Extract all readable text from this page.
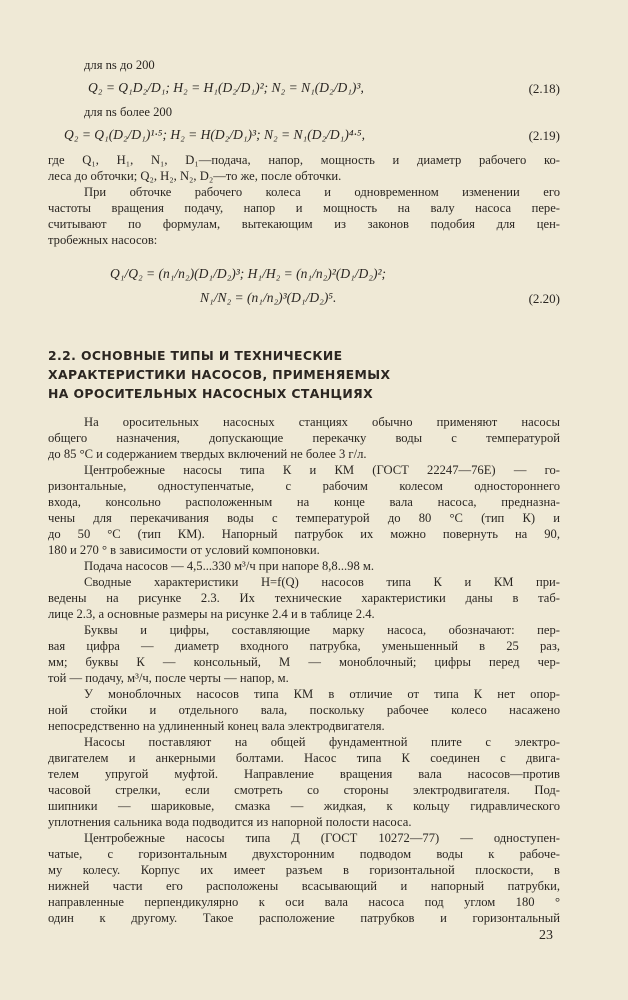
для ns до 200
Q₂ = Q₁D₂/D₁; H₂ = H₁(D₂/D₁)²; N₂ = N₁(D₂/D₁)³,	(2.18)
для ns более 200
Q₂ = Q₁(D₂/D₁)¹·⁵; H₂ = H(D₂/D₁)³; N₂ = N₁(D₂/D₁)⁴·⁵,	(2.19)
где Q₁, H₁, N₁, D₁—подача, напор, мощность и диаметр рабочего ко-
леса до обточки; Q₂, H₂, N₂, D₂—то же, после обточки.
При обточке рабочего колеса и одновременном изменении его
частоты вращения подачу, напор и мощность на валу насоса пере-
считывают по формулам, вытекающим из законов подобия для цен-
тробежных насосов:
Q₁/Q₂ = (n₁/n₂)(D₁/D₂)³; H₁/H₂ = (n₁/n₂)²(D₁/D₂)²;
N₁/N₂ = (n₁/n₂)³(D₁/D₂)⁵.	(2.20)
2.2. ОСНОВНЫЕ ТИПЫ И ТЕХНИЧЕСКИЕ
ХАРАКТЕРИСТИКИ НАСОСОВ, ПРИМЕНЯЕМЫХ
НА ОРОСИТЕЛЬНЫХ НАСОСНЫХ СТАНЦИЯХ
На оросительных насосных станциях обычно применяют насосы
общего назначения, допускающие перекачку воды с температурой
до 85 °С и содержанием твердых включений не более 3 г/л.
Центробежные насосы типа К и КМ (ГОСТ 22247—76Е) — го-
ризонтальные, одноступенчатые, с рабочим колесом одностороннего
входа, консольно расположенным на конце вала насоса, предназна-
чены для перекачивания воды с температурой до 80 °С (тип К) и
до 50 °С (тип КМ). Напорный патрубок их можно повернуть на 90,
180 и 270 ° в зависимости от условий компоновки.
Подача насосов — 4,5...330 м³/ч при напоре 8,8...98 м.
Сводные характеристики H=f(Q) насосов типа К и КМ при-
ведены на рисунке 2.3. Их технические характеристики даны в таб-
лице 2.3, а основные размеры на рисунке 2.4 и в таблице 2.4.
Буквы и цифры, составляющие марку насоса, обозначают: пер-
вая цифра — диаметр входного патрубка, уменьшенный в 25 раз,
мм; буквы К — консольный, М — моноблочный; цифры перед чер-
той — подачу, м³/ч, после черты — напор, м.
У моноблочных насосов типа КМ в отличие от типа К нет опор-
ной стойки и отдельного вала, поскольку рабочее колесо насажено
непосредственно на удлиненный конец вала электродвигателя.
Насосы поставляют на общей фундаментной плите с электро-
двигателем и анкерными болтами. Насос типа К соединен с двига-
телем упругой муфтой. Направление вращения вала насосов—против
часовой стрелки, если смотреть со стороны электродвигателя. Под-
шипники — шариковые, смазка — жидкая, к кольцу гидравлического
уплотнения сальника вода подводится из напорной полости насоса.
Центробежные насосы типа Д (ГОСТ 10272—77) — одноступен-
чатые, с горизонтальным двухсторонним подводом воды к рабоче-
му колесу. Корпус их имеет разъем в горизонтальной плоскости, в
нижней части его расположены всасывающий и напорный патрубки,
направленные перпендикулярно к оси вала насоса под углом 180 °
один к другому. Такое расположение патрубков и горизонтальный
23
